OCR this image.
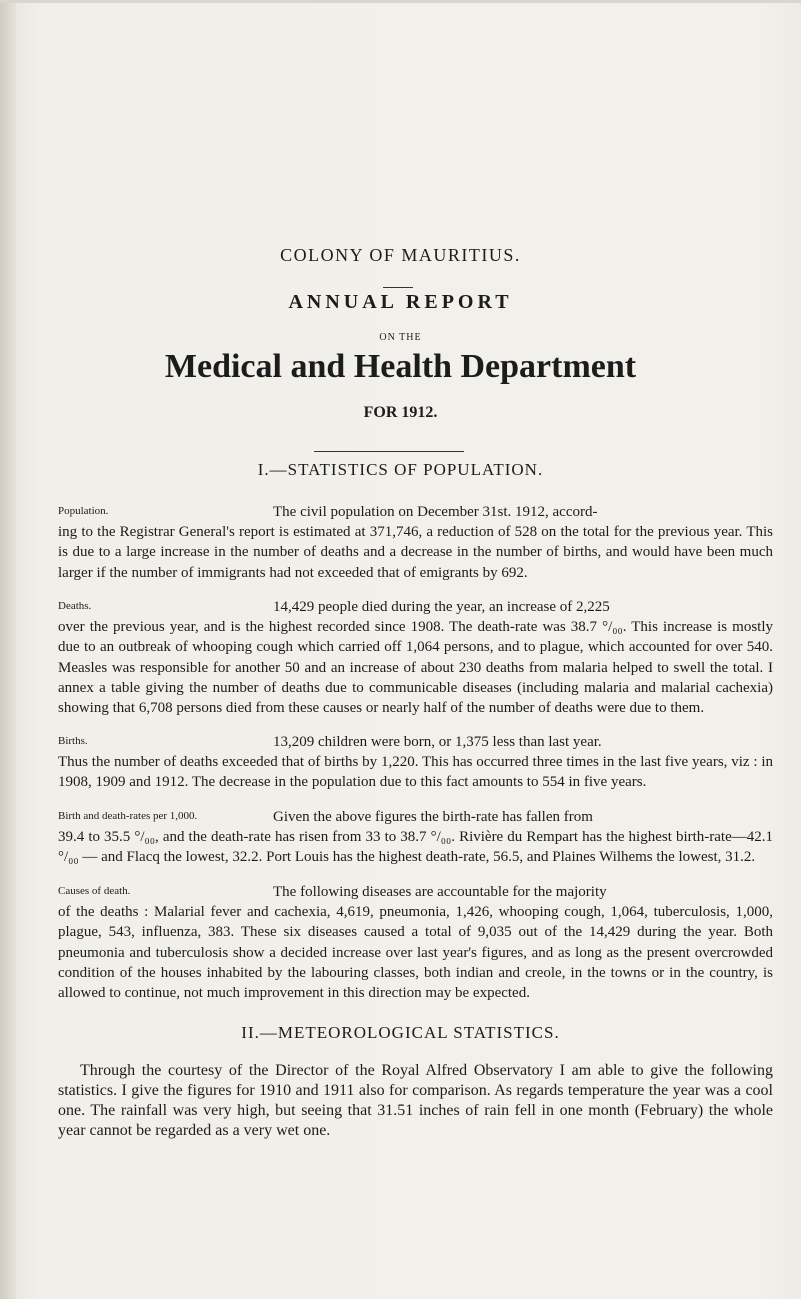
COLONY OF MAURITIUS.
ANNUAL REPORT
ON THE
Medical and Health Department
FOR 1912.
I.—STATISTICS OF POPULATION.
Population.	The civil population on December 31st. 1912, accord-
ing to the Registrar General's report is estimated at 371,746, a reduction of 528 on the total for the previous year. This is due to a large increase in the number of deaths and a decrease in the number of births, and would have been much larger if the number of immigrants had not exceeded that of emigrants by 692.

Deaths.	14,429 people died during the year, an increase of 2,225
over the previous year, and is the highest recorded since 1908. The death-rate was 38.7 °/₀₀. This increase is mostly due to an outbreak of whooping cough which carried off 1,064 persons, and to plague, which accounted for over 540. Measles was responsible for another 50 and an increase of about 230 deaths from malaria helped to swell the total. I annex a table giving the number of deaths due to communicable diseases (including malaria and malarial cachexia) showing that 6,708 persons died from these causes or nearly half of the number of deaths were due to them.

Births.	13,209 children were born, or 1,375 less than last year.
Thus the number of deaths exceeded that of births by 1,220. This has occurred three times in the last five years, viz : in 1908, 1909 and 1912. The decrease in the population due to this fact amounts to 554 in five years.

Birth and death-rates per 1,000.	Given the above figures the birth-rate has fallen from
39.4 to 35.5 °/₀₀, and the death-rate has risen from 33 to 38.7 °/₀₀. Rivière du Rempart has the highest birth-rate—42.1 °/₀₀ — and Flacq the lowest, 32.2. Port Louis has the highest death-rate, 56.5, and Plaines Wilhems the lowest, 31.2.

Causes of death.	The following diseases are accountable for the majority
of the deaths : Malarial fever and cachexia, 4,619, pneumonia, 1,426, whooping cough, 1,064, tuberculosis, 1,000, plague, 543, influenza, 383. These six diseases caused a total of 9,035 out of the 14,429 during the year. Both pneumonia and tuberculosis show a decided increase over last year's figures, and as long as the present overcrowded condition of the houses inhabited by the labouring classes, both indian and creole, in the towns or in the country, is allowed to continue, not much improvement in this direction may be expected.

II.—METEOROLOGICAL STATISTICS.

Through the courtesy of the Director of the Royal Alfred Observatory I am able to give the following statistics. I give the figures for 1910 and 1911 also for comparison. As regards temperature the year was a cool one. The rainfall was very high, but seeing that 31.51 inches of rain fell in one month (February) the whole year cannot be regarded as a very wet one.
